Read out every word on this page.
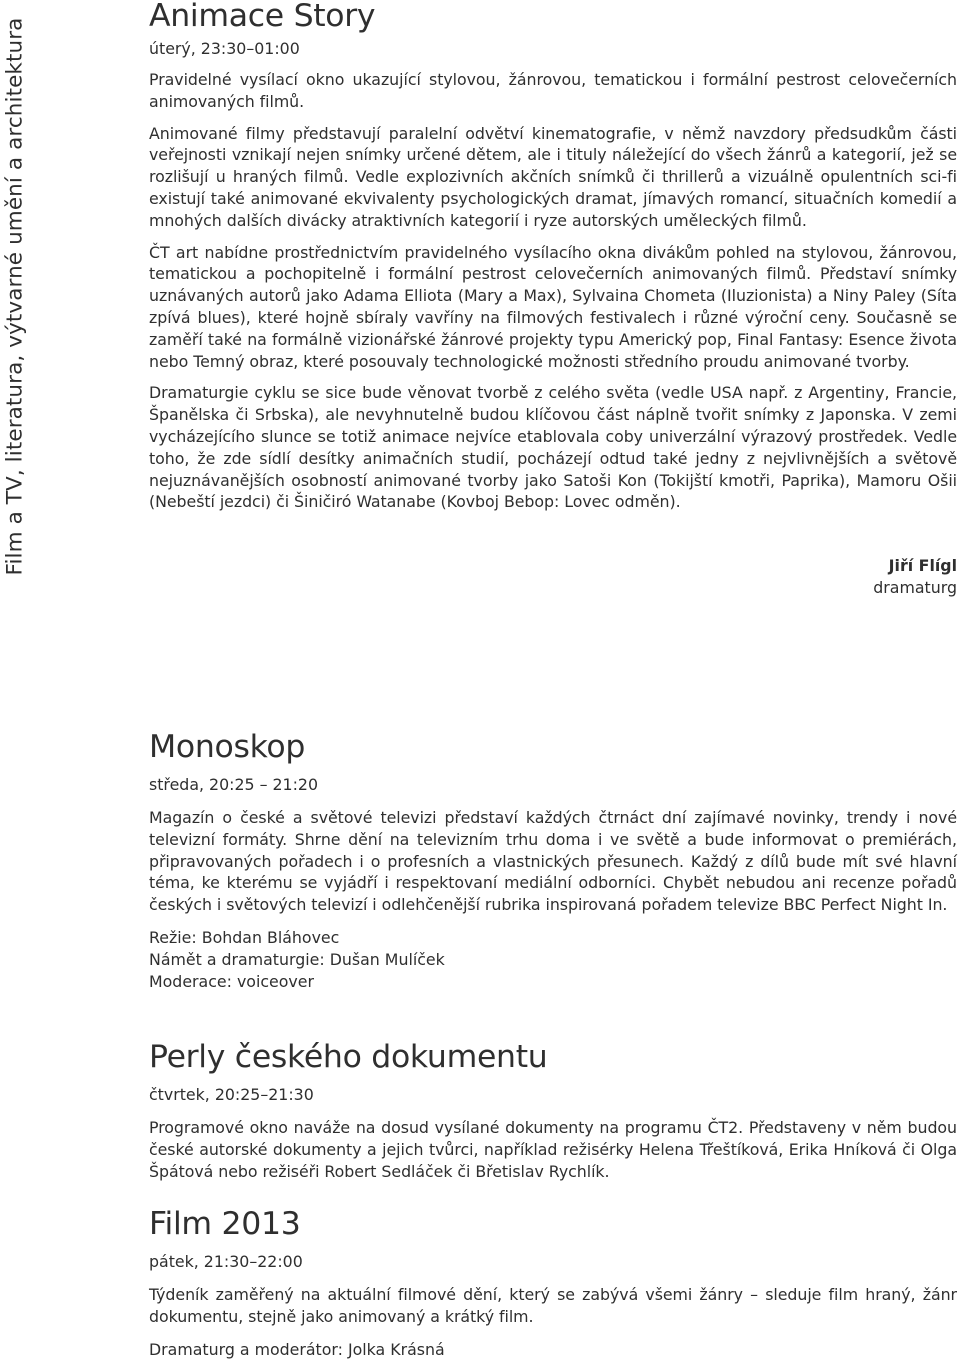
Film a TV, literatura, výtvarné umění a architektura
Animace Story
úterý, 23:30–01:00

Pravidelné vysílací okno ukazující stylovou, žánrovou, tematickou i formální pestrost celovečerních animovaných filmů.

Animované filmy představují paralelní odvětví kinematografie, v němž navzdory předsudkům části veřejnosti vznikají nejen snímky určené dětem, ale i tituly náležející do všech žánrů a kategorií, jež se rozlišují u hraných filmů. Vedle explozivních akčních snímků či thrillerů a vizuálně opulentních sci-fi existují také animované ekvivalenty psychologických dramat, jímavých romancí, situačních komedií a mnohých dalších divácky atraktivních kategorií i ryze autorských uměleckých filmů.

ČT art nabídne prostřednictvím pravidelného vysílacího okna divákům pohled na stylovou, žánrovou, tematickou a pochopitelně i formální pestrost celovečerních animovaných filmů. Představí snímky uznávaných autorů jako Adama Elliota (Mary a Max), Sylvaina Chometa (Iluzionista) a Niny Paley (Síta zpívá blues), které hojně sbíraly vavříny na filmových festivalech i různé výroční ceny. Současně se zaměří také na formálně vizionářské žánrové projekty typu Americký pop, Final Fantasy: Esence života nebo Temný obraz, které posouvaly technologické možnosti středního proudu animované tvorby.

Dramaturgie cyklu se sice bude věnovat tvorbě z celého světa (vedle USA např. z Argentiny, Francie, Španělska či Srbska), ale nevyhnutelně budou klíčovou část náplně tvořit snímky z Japonska. V zemi vycházejícího slunce se totiž animace nejvíce etablovala coby univerzální výrazový prostředek. Vedle toho, že zde sídlí desítky animačních studií, pocházejí odtud také jedny z nejvlivnějších a světově nejuznávanějších osobností animované tvorby jako Satoši Kon (Tokijští kmotři, Paprika), Mamoru Ošii (Nebeští jezdci) či Šiničiró Watanabe (Kovboj Bebop: Lovec odměn).

Jiří Flígl
dramaturg
Monoskop
středa, 20:25 – 21:20

Magazín o české a světové televizi představí každých čtrnáct dní zajímavé novinky, trendy i nové televizní formáty. Shrne dění na televizním trhu doma i ve světě a bude informovat o premiérách, připravovaných pořadech i o profesních a vlastnických přesunech. Každý z dílů bude mít své hlavní téma, ke kterému se vyjádří i respektovaní mediální odborníci. Chybět nebudou ani recenze pořadů českých i světových televizí i odlehčenější rubrika inspirovaná pořadem televize BBC Perfect Night In.

Režie: Bohdan Bláhovec
Námět a dramaturgie: Dušan Mulíček
Moderace: voiceover
Perly českého dokumentu
čtvrtek, 20:25–21:30

Programové okno naváže na dosud vysílané dokumenty na programu ČT2. Představeny v něm budou české autorské dokumenty a jejich tvůrci, například režisérky Helena Třeštíková, Erika Hníková či Olga Špátová nebo režiséři Robert Sedláček či Břetislav Rychlík.

Film 2013
pátek, 21:30–22:00

Týdeník zaměřený na aktuální filmové dění, který se zabývá všemi žánry – sleduje film hraný, žánr dokumentu, stejně jako animovaný a krátký film.

Dramaturg a moderátor: Jolka Krásná
